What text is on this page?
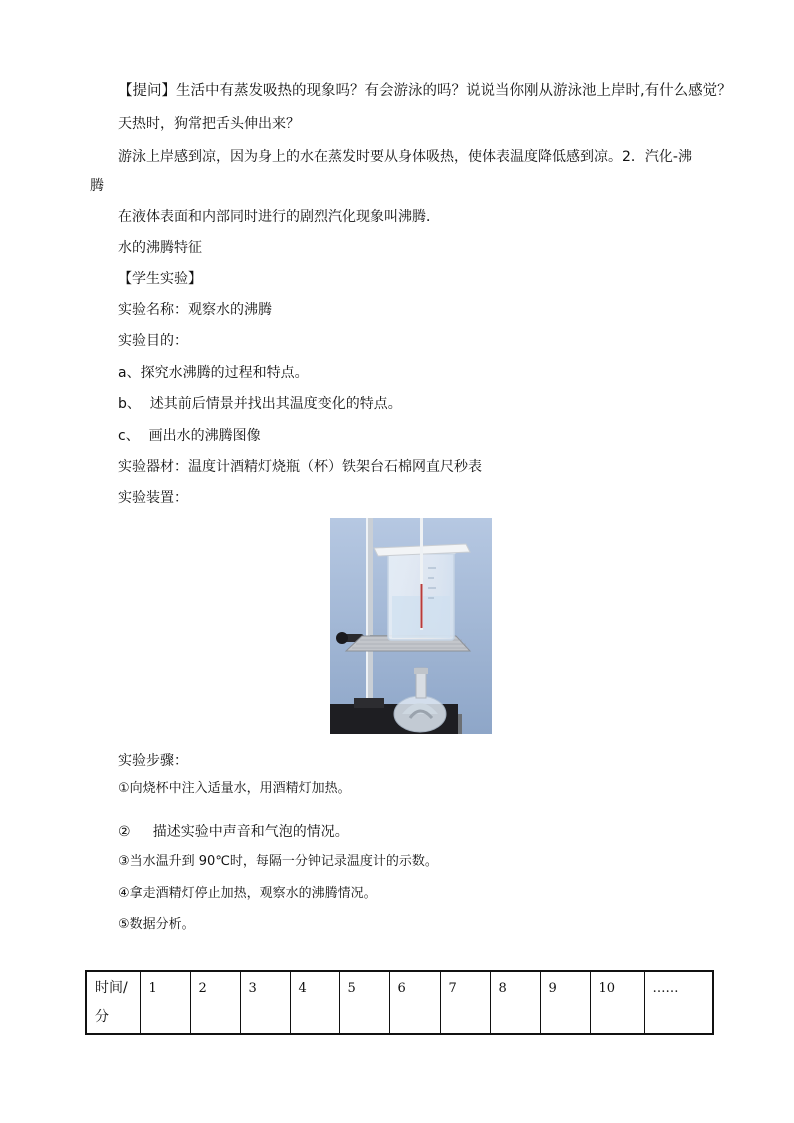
【提问】生活中有蒸发吸热的现象吗？有会游泳的吗？说说当你刚从游泳池上岸时,有什么感觉？
天热时，狗常把舌头伸出来？
游泳上岸感到凉，因为身上的水在蒸发时要从身体吸热，使体表温度降低感到凉。2．汽化-沸
腾
在液体表面和内部同时进行的剧烈汽化现象叫沸腾．
水的沸腾特征
【学生实验】
实验名称：观察水的沸腾
实验目的：
a、探究水沸腾的过程和特点。
b、  述其前后情景并找出其温度变化的特点。
c、  画出水的沸腾图像
实验器材：温度计酒精灯烧瓶（杯）铁架台石棉网直尺秒表
实验装置：
实验步骤：
①向烧杯中注入适量水，用酒精灯加热。
②     描述实验中声音和气泡的情况。
③当水温升到 90℃时，每隔一分钟记录温度计的示数。
④拿走酒精灯停止加热，观察水的沸腾情况。
⑤数据分析。
时间/
分	1	2	3	4	5	6	7	8	9	10	……
